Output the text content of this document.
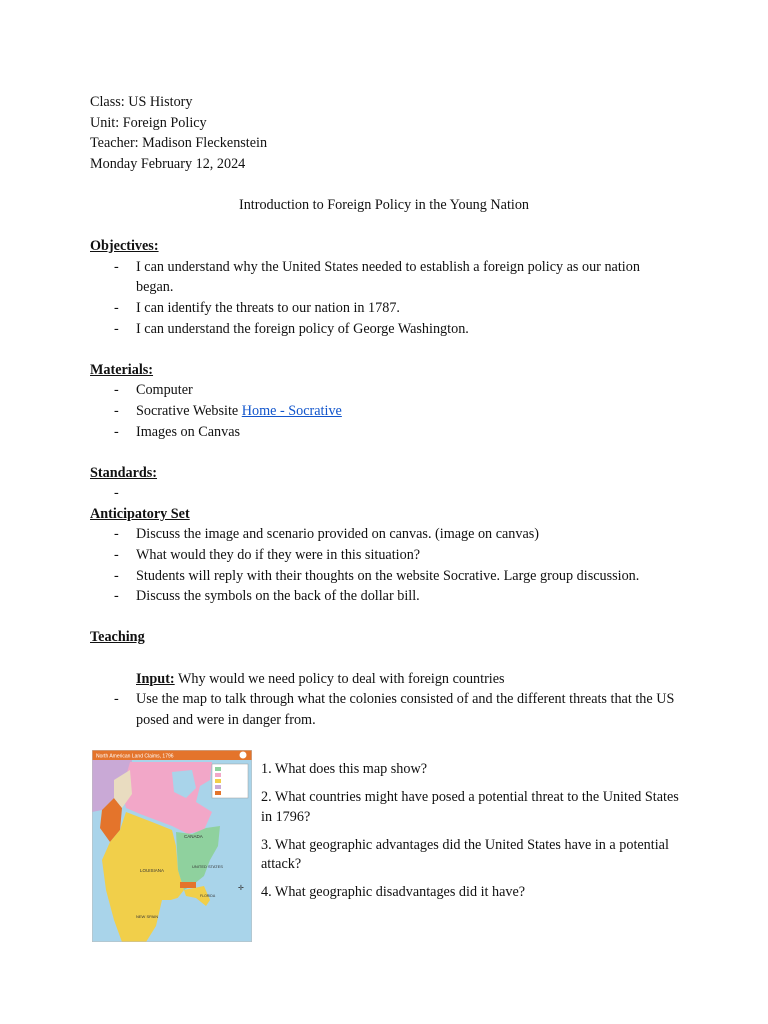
Class: US History
Unit: Foreign Policy
Teacher: Madison Fleckenstein
Monday February 12, 2024
Introduction to Foreign Policy in the Young Nation
Objectives:
- I can understand why the United States needed to establish a foreign policy as our nation began.
- I can identify the threats to our nation in 1787.
- I can understand the foreign policy of George Washington.
Materials:
- Computer
- Socrative Website Home - Socrative
- Images on Canvas
Standards:
-

Anticipatory Set
- Discuss the image and scenario provided on canvas. (image on canvas)
- What would they do if they were in this situation?
- Students will reply with their thoughts on the website Socrative. Large group discussion.
- Discuss the symbols on the back of the dollar bill.
Teaching
Input: Why would we need policy to deal with foreign countries
- Use the map to talk through what the colonies consisted of and the different threats that the US posed and were in danger from.
North American Land Claims, 1796
CANADA
LOUISIANA
UNITED STATES
FLORIDA
NEW SPAIN
✛
1. What does this map show?
2. What countries might have posed a potential threat to the United States in 1796?
3. What geographic advantages did the United States have in a potential attack?
4. What geographic disadvantages did it have?
